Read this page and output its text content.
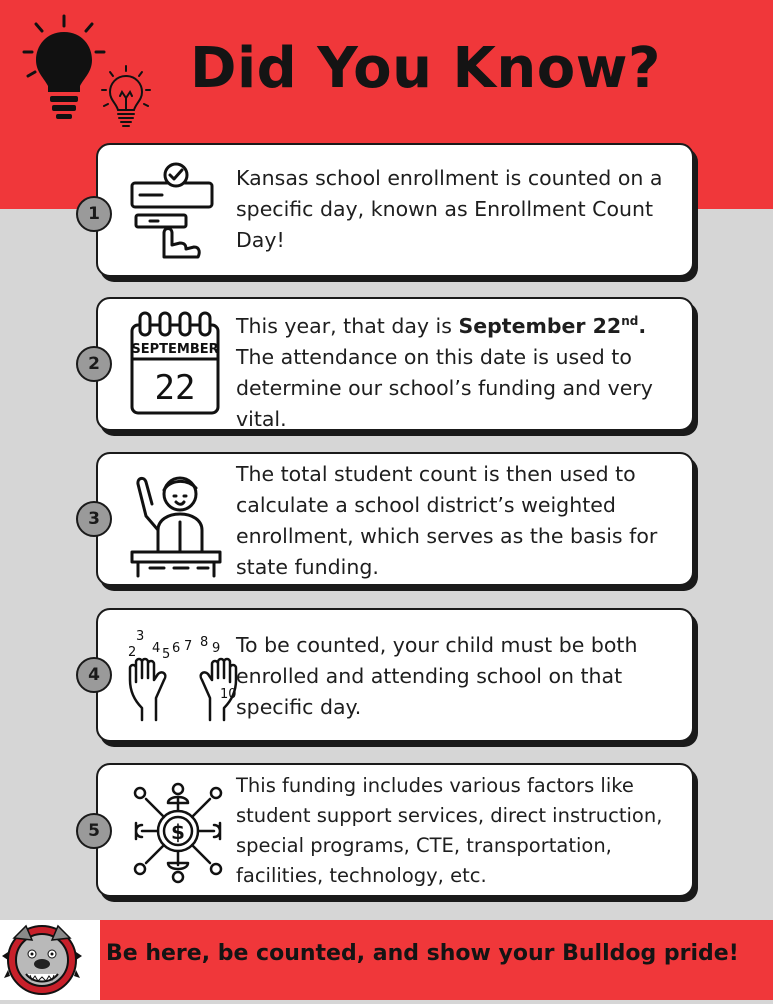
Did You Know?
Kansas school enrollment is counted on a specific day, known as Enrollment Count Day!
1
SEPTEMBER
22
This year, that day is September 22nd. The attendance on this date is used to determine our school’s funding and very vital.
2
The total student count is then used to calculate a school district’s weighted enrollment, which serves as the basis for state funding.
3
2
3
4 5 6 7 8 9
10
To be counted, your child must be both enrolled and attending school on that specific day.
4
$
This funding includes various factors like student support services, direct instruction, special programs, CTE, transportation, facilities, technology, etc.
5
Be here, be counted, and show your Bulldog pride!
